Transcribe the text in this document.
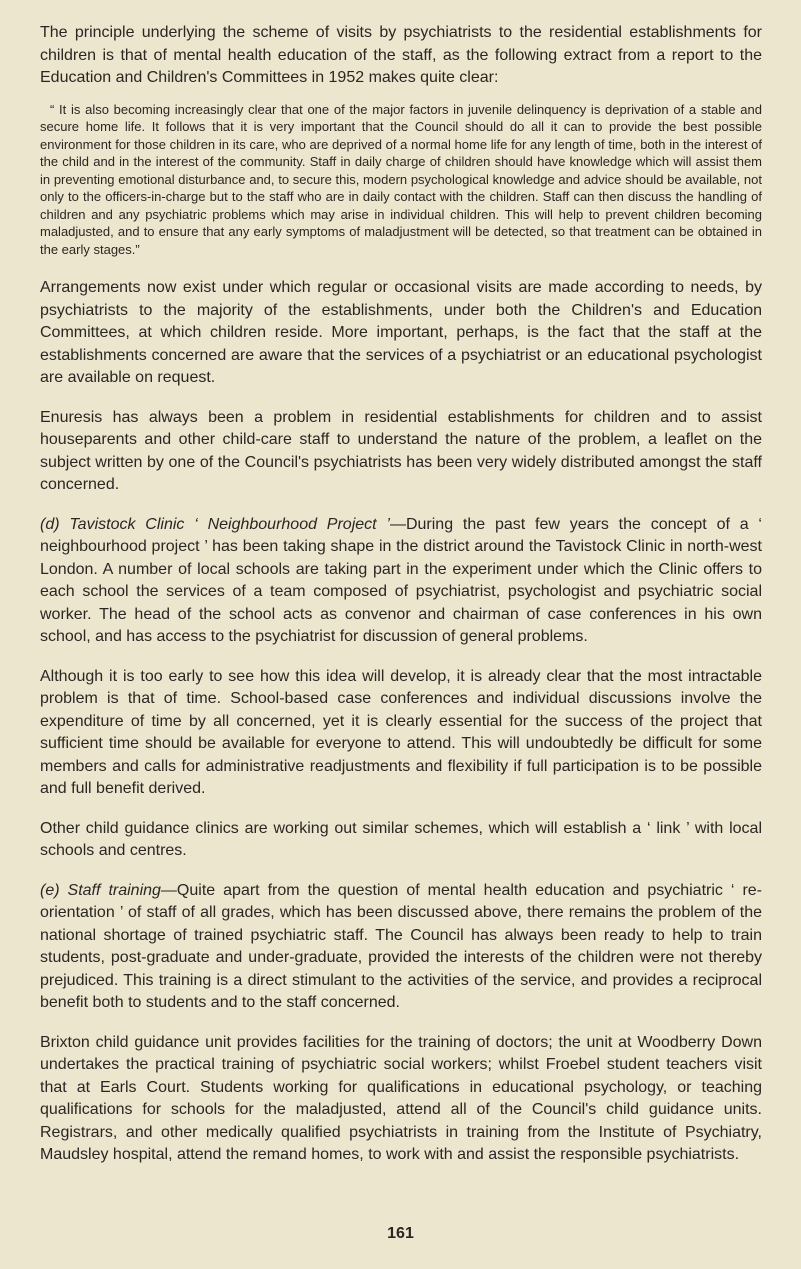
The principle underlying the scheme of visits by psychiatrists to the residential establishments for children is that of mental health education of the staff, as the following extract from a report to the Education and Children's Committees in 1952 makes quite clear:

“ It is also becoming increasingly clear that one of the major factors in juvenile delinquency is deprivation of a stable and secure home life. It follows that it is very important that the Council should do all it can to provide the best possible environment for those children in its care, who are deprived of a normal home life for any length of time, both in the interest of the child and in the interest of the community. Staff in daily charge of children should have knowledge which will assist them in preventing emotional disturbance and, to secure this, modern psychological knowledge and advice should be available, not only to the officers-in-charge but to the staff who are in daily contact with the children. Staff can then discuss the handling of children and any psychiatric problems which may arise in individual children. This will help to prevent children becoming maladjusted, and to ensure that any early symptoms of maladjustment will be detected, so that treatment can be obtained in the early stages.”

Arrangements now exist under which regular or occasional visits are made according to needs, by psychiatrists to the majority of the establishments, under both the Children's and Education Committees, at which children reside. More important, perhaps, is the fact that the staff at the establishments concerned are aware that the services of a psychiatrist or an educational psychologist are available on request.

Enuresis has always been a problem in residential establishments for children and to assist houseparents and other child-care staff to understand the nature of the problem, a leaflet on the subject written by one of the Council's psychiatrists has been very widely distributed amongst the staff concerned.

(d) Tavistock Clinic ‘ Neighbourhood Project ’—During the past few years the concept of a ‘ neighbourhood project ’ has been taking shape in the district around the Tavistock Clinic in north-west London. A number of local schools are taking part in the experiment under which the Clinic offers to each school the services of a team composed of psychiatrist, psychologist and psychiatric social worker. The head of the school acts as convenor and chairman of case conferences in his own school, and has access to the psychiatrist for discussion of general problems.

Although it is too early to see how this idea will develop, it is already clear that the most intractable problem is that of time. School-based case conferences and individual discussions involve the expenditure of time by all concerned, yet it is clearly essential for the success of the project that sufficient time should be available for everyone to attend. This will undoubtedly be difficult for some members and calls for administrative readjustments and flexibility if full participation is to be possible and full benefit derived.

Other child guidance clinics are working out similar schemes, which will establish a ‘ link ’ with local schools and centres.

(e) Staff training—Quite apart from the question of mental health education and psychiatric ‘ re-orientation ’ of staff of all grades, which has been discussed above, there remains the problem of the national shortage of trained psychiatric staff. The Council has always been ready to help to train students, post-graduate and under-graduate, provided the interests of the children were not thereby prejudiced. This training is a direct stimulant to the activities of the service, and provides a reciprocal benefit both to students and to the staff concerned.

Brixton child guidance unit provides facilities for the training of doctors; the unit at Woodberry Down undertakes the practical training of psychiatric social workers; whilst Froebel student teachers visit that at Earls Court. Students working for qualifications in educational psychology, or teaching qualifications for schools for the maladjusted, attend all of the Council's child guidance units. Registrars, and other medically qualified psychiatrists in training from the Institute of Psychiatry, Maudsley hospital, attend the remand homes, to work with and assist the responsible psychiatrists.

161
